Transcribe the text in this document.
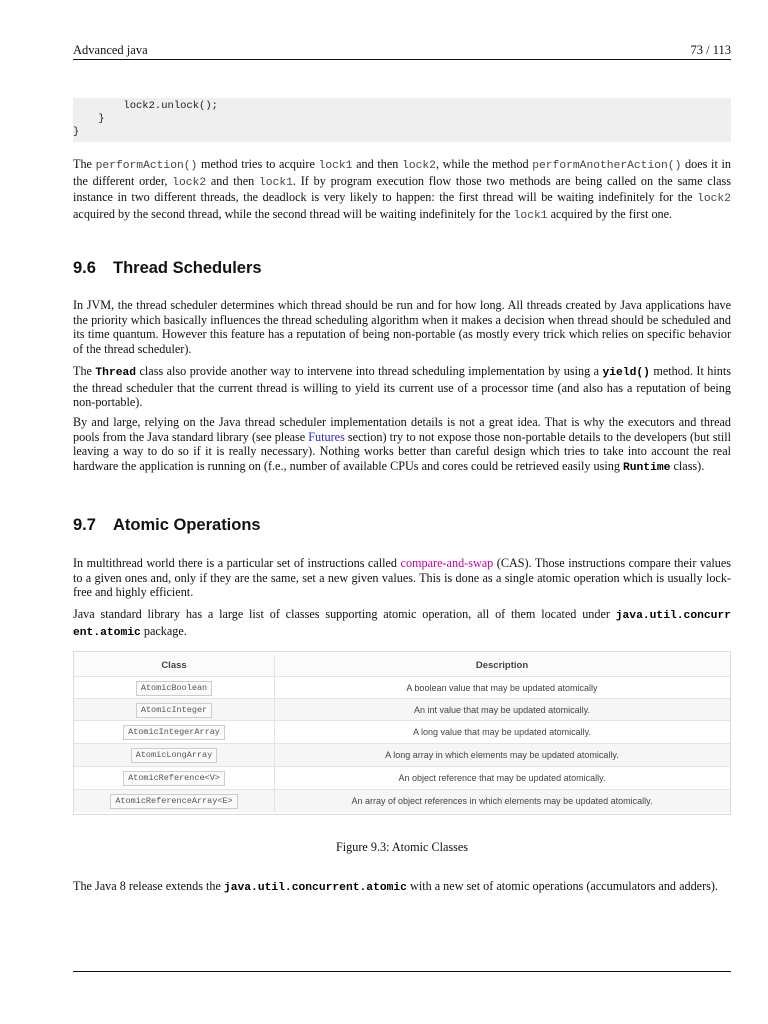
Advanced java	73 / 113
lock2.unlock();
}
}
The performAction() method tries to acquire lock1 and then lock2, while the method performAnotherAction() does it in the different order, lock2 and then lock1. If by program execution flow those two methods are being called on the same class instance in two different threads, the deadlock is very likely to happen: the first thread will be waiting indefinitely for the lock2 acquired by the second thread, while the second thread will be waiting indefinitely for the lock1 acquired by the first one.
9.6 Thread Schedulers
In JVM, the thread scheduler determines which thread should be run and for how long. All threads created by Java applications have the priority which basically influences the thread scheduling algorithm when it makes a decision when thread should be scheduled and its time quantum. However this feature has a reputation of being non-portable (as mostly every trick which relies on specific behavior of the thread scheduler).
The Thread class also provide another way to intervene into thread scheduling implementation by using a yield() method. It hints the thread scheduler that the current thread is willing to yield its current use of a processor time (and also has a reputation of being non-portable).
By and large, relying on the Java thread scheduler implementation details is not a great idea. That is why the executors and thread pools from the Java standard library (see please Futures section) try to not expose those non-portable details to the developers (but still leaving a way to do so if it is really necessary). Nothing works better than careful design which tries to take into account the real hardware the application is running on (f.e., number of available CPUs and cores could be retrieved easily using Runtime class).
9.7 Atomic Operations
In multithread world there is a particular set of instructions called compare-and-swap (CAS). Those instructions compare their values to a given ones and, only if they are the same, set a new given values. This is done as a single atomic operation which is usually lock-free and highly efficient.
Java standard library has a large list of classes supporting atomic operation, all of them located under java.util.concurr ent.atomic package.
Class	Description
AtomicBoolean	A boolean value that may be updated atomically
AtomicInteger	An int value that may be updated atomically.
AtomicIntegerArray	A long value that may be updated atomically.
AtomicLongArray	A long array in which elements may be updated atomically.
AtomicReference<V>	An object reference that may be updated atomically.
AtomicReferenceArray<E>	An array of object references in which elements may be updated atomically.
Figure 9.3: Atomic Classes
The Java 8 release extends the java.util.concurrent.atomic with a new set of atomic operations (accumulators and adders).
